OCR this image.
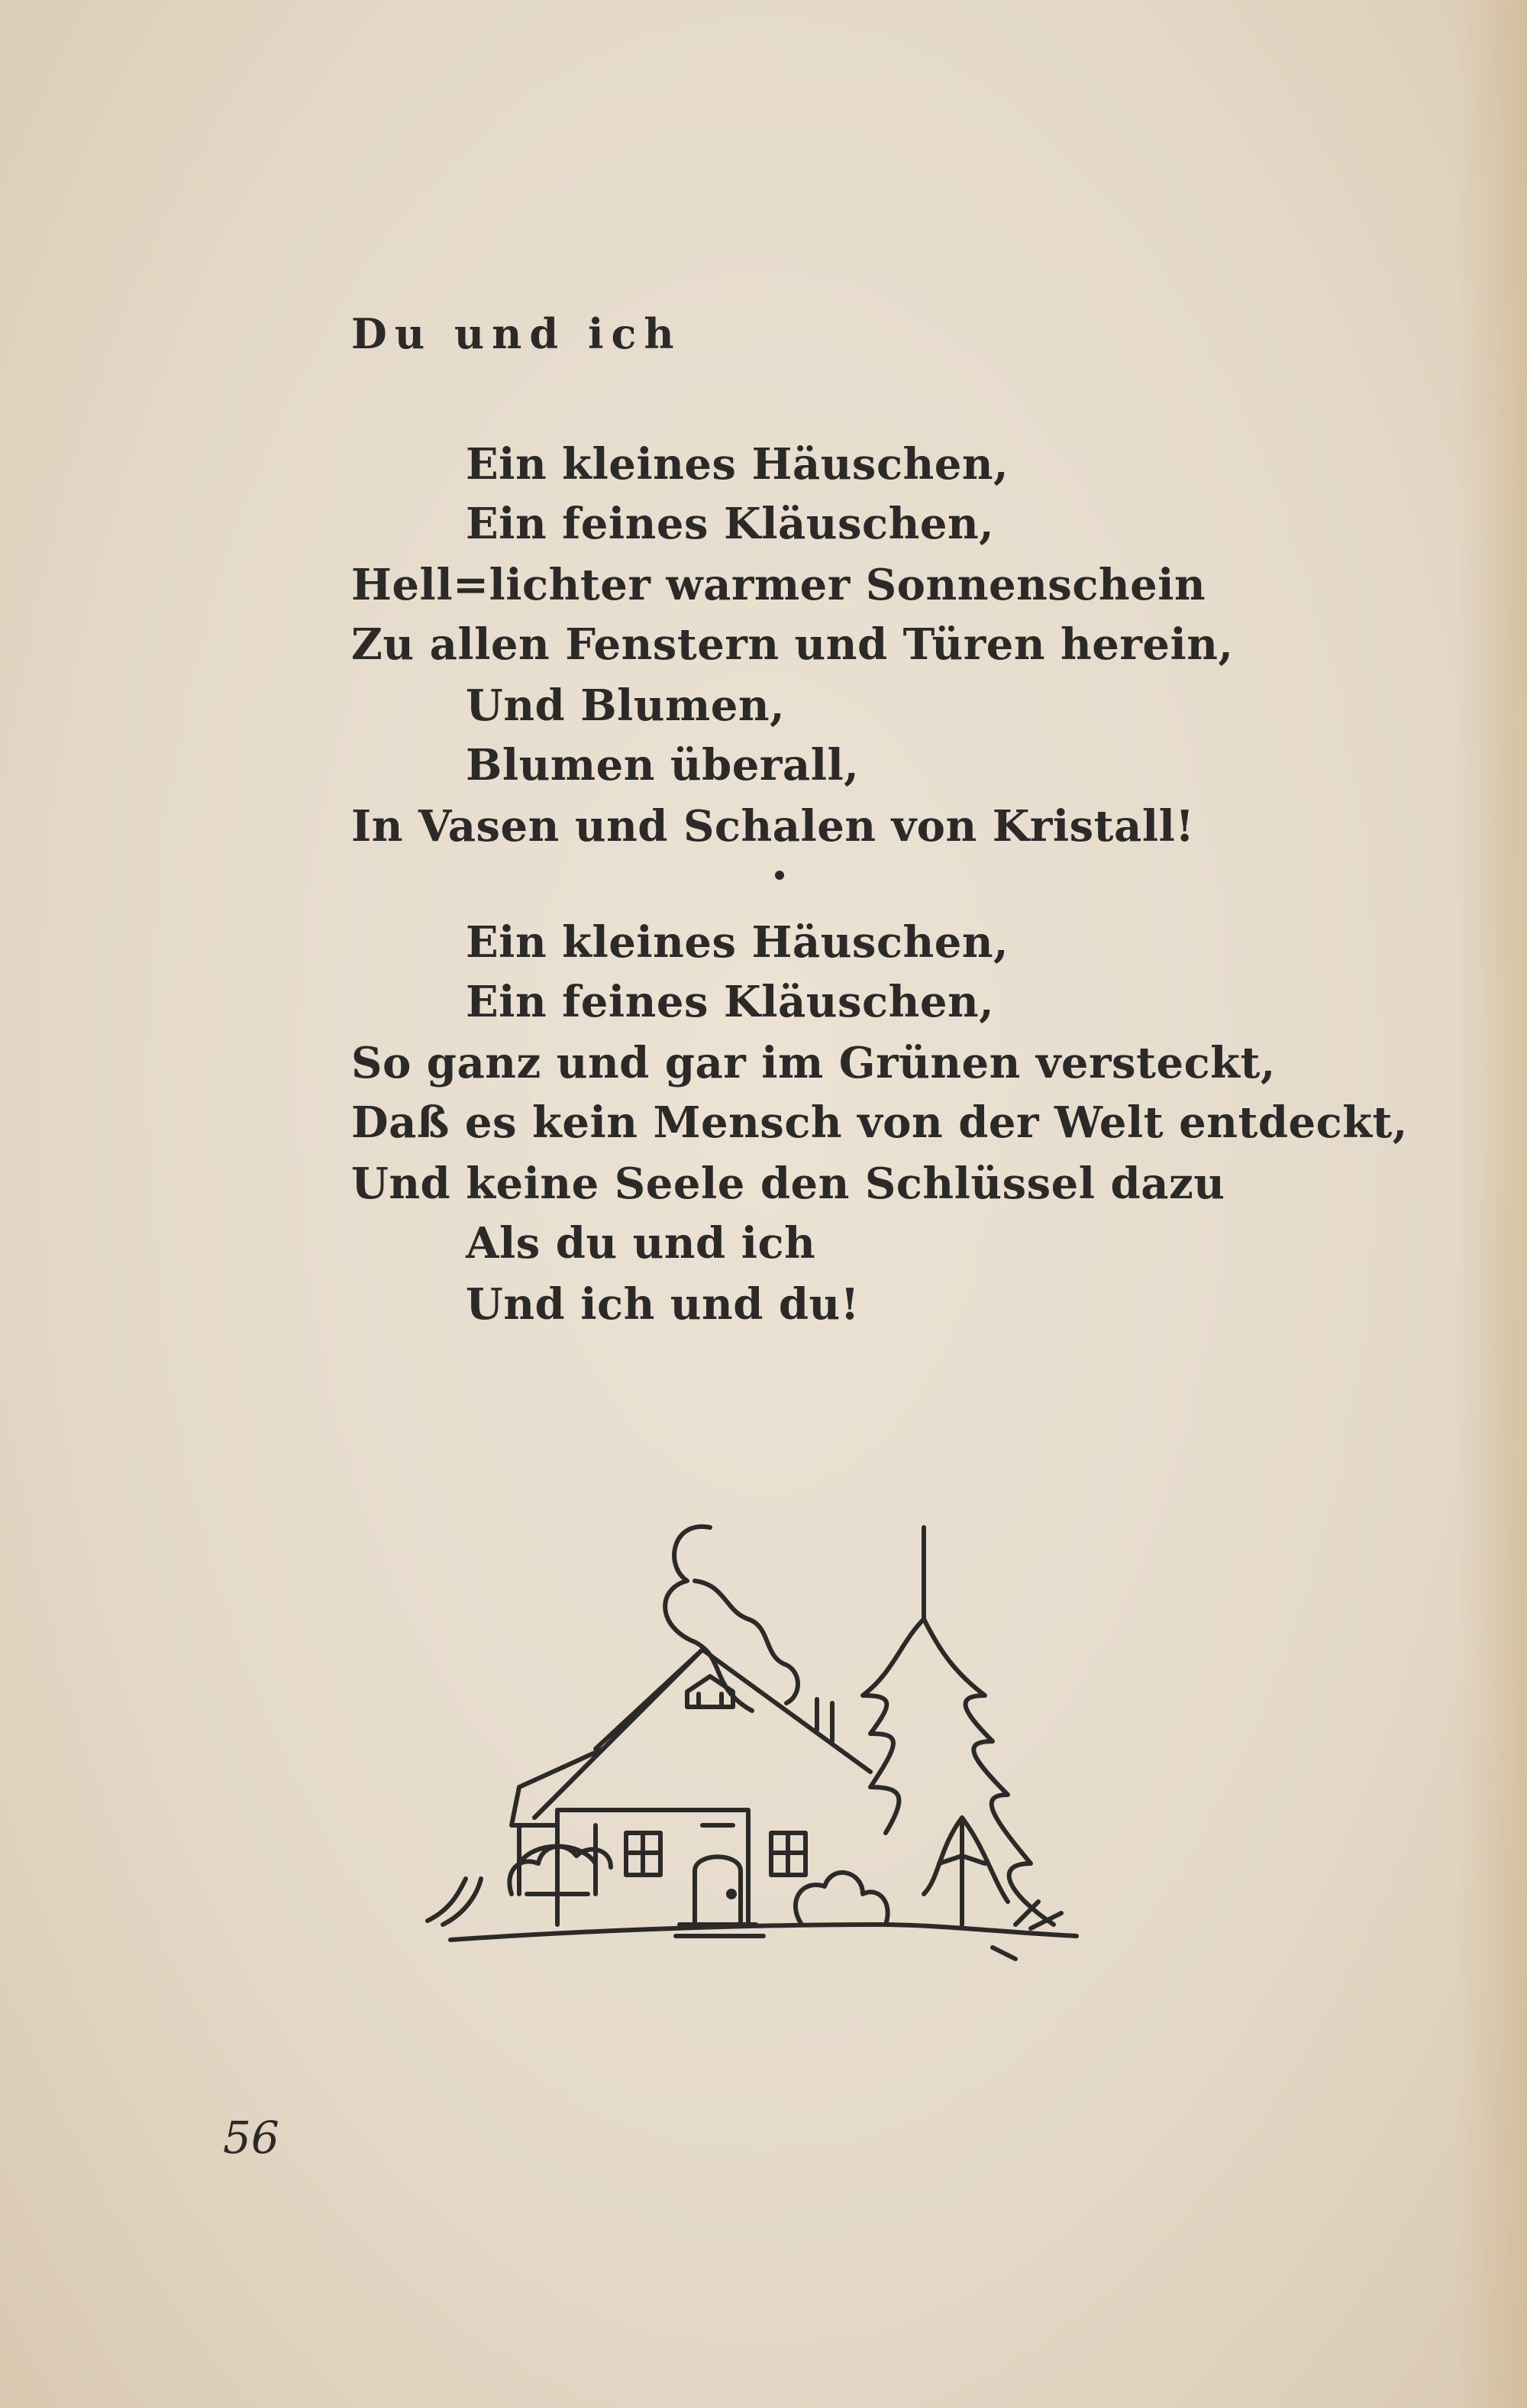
Du und ich
Ein kleines Häuschen,
Ein feines Kläuschen,
Hell=lichter warmer Sonnenschein
Zu allen Fenstern und Türen herein,
Und Blumen,
Blumen überall,
In Vasen und Schalen von Kristall!
Ein kleines Häuschen,
Ein feines Kläuschen,
So ganz und gar im Grünen versteckt,
Daß es kein Mensch von der Welt entdeckt,
Und keine Seele den Schlüssel dazu
Als du und ich
Und ich und du!
56
